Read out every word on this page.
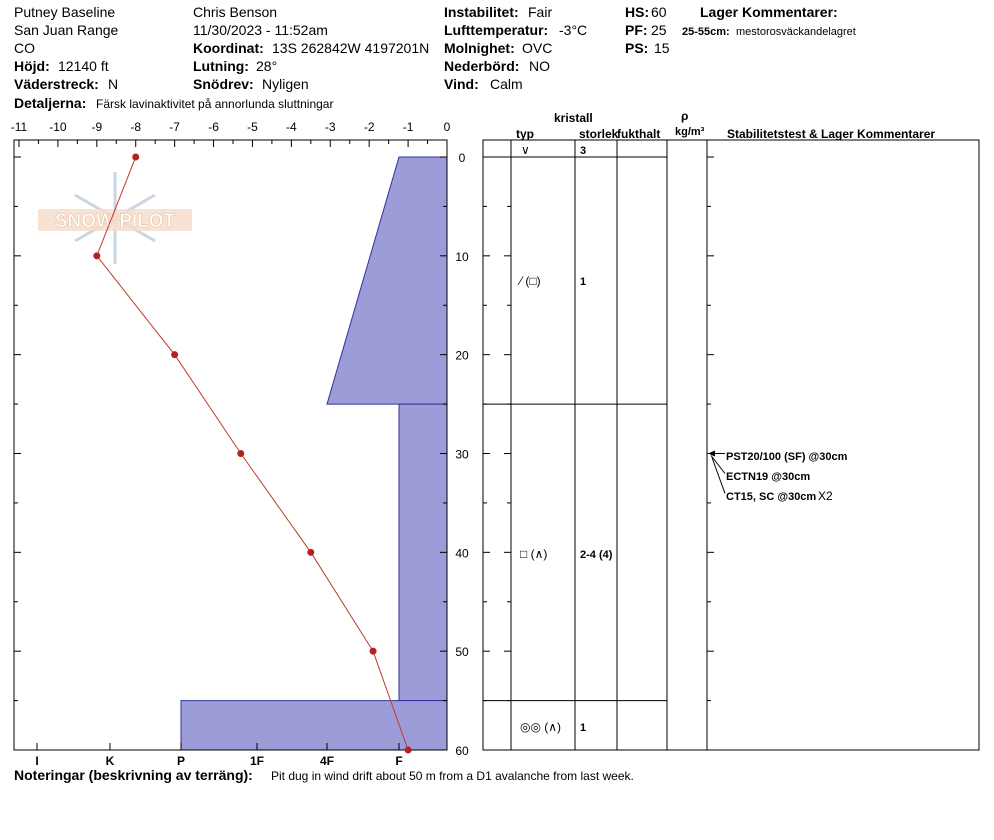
Putney Baseline
San Juan Range
CO
Höjd: 12140 ft
Väderstreck: N
Detaljerna: Färsk lavinaktivitet på annorlunda sluttningar
Chris Benson
11/30/2023 - 11:52am
Koordinat: 13S 262842W 4197201N
Lutning: 28°
Snödrev: Nyligen
Instabilitet: Fair
Lufttemperatur: -3°C
Molnighet: OVC
Nederbörd: NO
Vind: Calm
HS: 60
PF: 25
PS: 15
Lager Kommentarer:
25-55cm: mestorosväckandelagret
kristall
typ	storlek
fukthalt
ρ
kg/m³ Stabilitetstest & Lager Kommentarer
SNOW PILOT
-11 -10 -9 -8 -7 -6 -5 -4 -3 -2 -1	0
0
10
20
30
40
50
60
I	K	P	1F	4F	F
∨	3
⁄ (□)	1
□ (∧)	2-4 (4)
◎◎ (∧) 1
PST20/100 (SF) @30cm
ECTN19 @30cm
CT15, SC @30cm X2
Noteringar (beskrivning av terräng): Pit dug in wind drift about 50 m from a D1 avalanche from last week.
